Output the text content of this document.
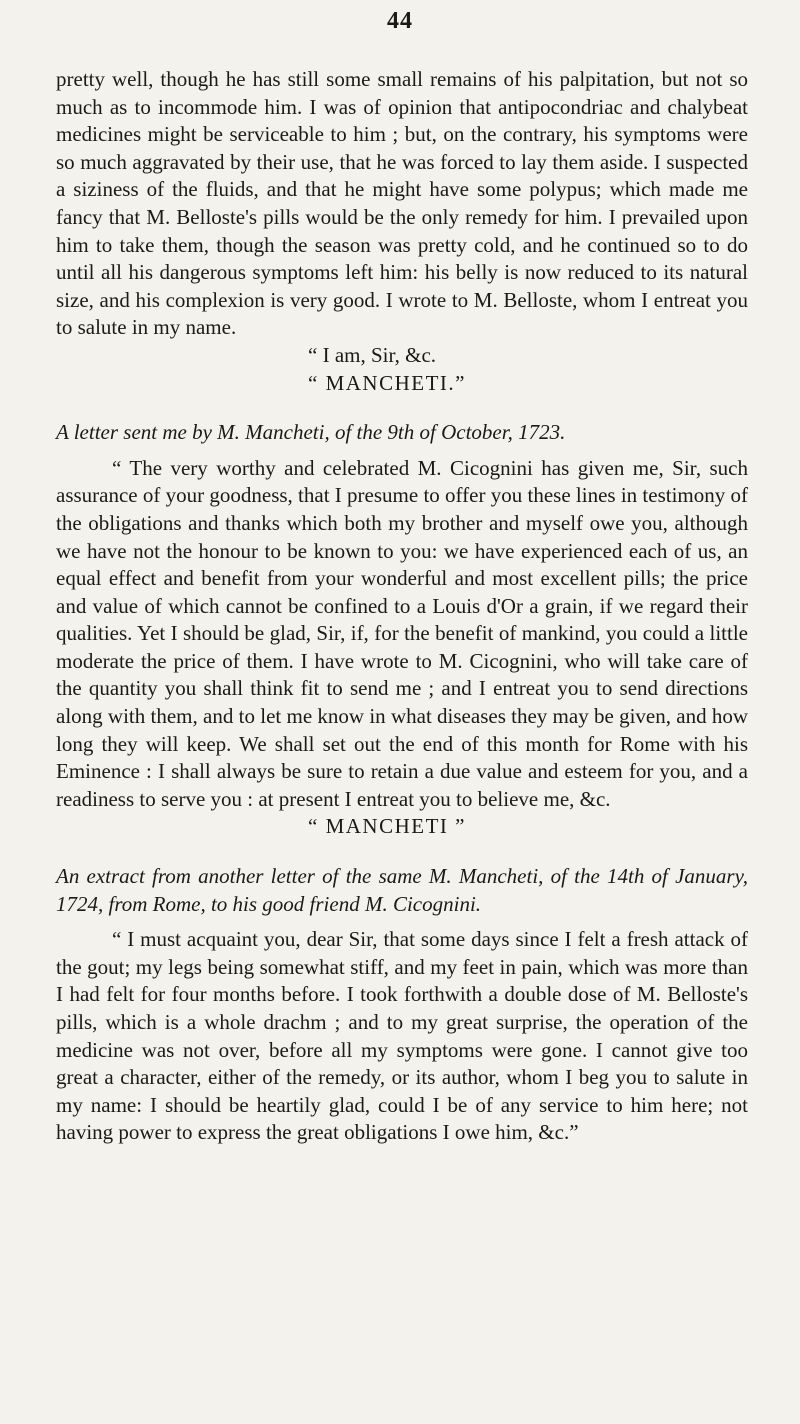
44

pretty well, though he has still some small remains of his palpitation, but not so much as to incommode him. I was of opinion that antipocondriac and chalybeat medicines might be serviceable to him ; but, on the contrary, his symptoms were so much aggravated by their use, that he was forced to lay them aside. I suspected a siziness of the fluids, and that he might have some polypus; which made me fancy that M. Belloste's pills would be the only remedy for him. I prevailed upon him to take them, though the season was pretty cold, and he continued so to do until all his dangerous symptoms left him: his belly is now reduced to its natural size, and his complexion is very good. I wrote to M. Belloste, whom I entreat you to salute in my name.

“ I am, Sir, &c.

“ MANCHETI.”

A letter sent me by M. Mancheti, of the 9th of October, 1723.

“ The very worthy and celebrated M. Cicognini has given me, Sir, such assurance of your goodness, that I presume to offer you these lines in testimony of the obligations and thanks which both my brother and myself owe you, although we have not the honour to be known to you: we have experienced each of us, an equal effect and benefit from your wonderful and most excellent pills; the price and value of which cannot be confined to a Louis d'Or a grain, if we regard their qualities. Yet I should be glad, Sir, if, for the benefit of mankind, you could a little moderate the price of them. I have wrote to M. Cicognini, who will take care of the quantity you shall think fit to send me ; and I entreat you to send directions along with them, and to let me know in what diseases they may be given, and how long they will keep. We shall set out the end of this month for Rome with his Eminence : I shall always be sure to retain a due value and esteem for you, and a readiness to serve you : at present I entreat you to believe me, &c.

“ MANCHETI ”

An extract from another letter of the same M. Mancheti, of the 14th of January, 1724, from Rome, to his good friend M. Cicognini.

“ I must acquaint you, dear Sir, that some days since I felt a fresh attack of the gout; my legs being somewhat stiff, and my feet in pain, which was more than I had felt for four months before. I took forthwith a double dose of M. Belloste's pills, which is a whole drachm ; and to my great surprise, the operation of the medicine was not over, before all my symptoms were gone. I cannot give too great a character, either of the remedy, or its author, whom I beg you to salute in my name: I should be heartily glad, could I be of any service to him here; not having power to express the great obligations I owe him, &c.”
